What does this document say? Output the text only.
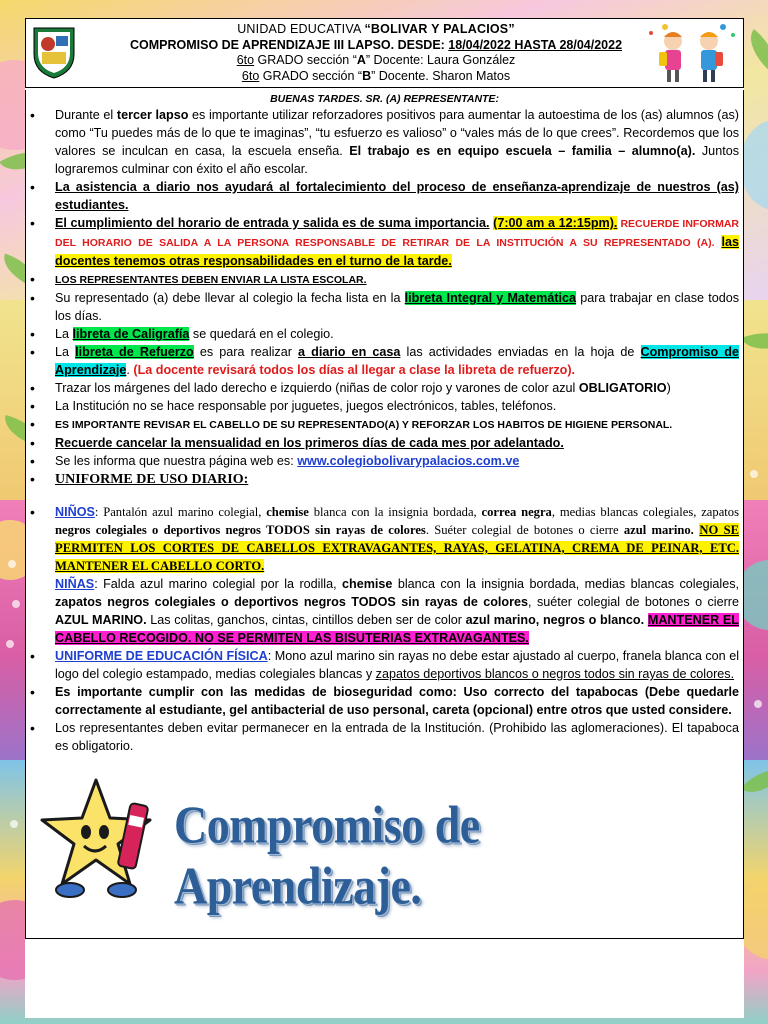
UNIDAD EDUCATIVA “BOLIVAR Y PALACIOS”
COMPROMISO DE APRENDIZAJE III LAPSO. DESDE: 18/04/2022 HASTA 28/04/2022
6to GRADO sección “A” Docente: Laura González
6to GRADO sección “B” Docente. Sharon Matos
BUENAS TARDES. SR. (A) REPRESENTANTE:
• Durante el tercer lapso es importante utilizar reforzadores positivos para aumentar la autoestima de los (as) alumnos (as) como “Tu puedes más de lo que te imaginas”, “tu esfuerzo es valioso” o “vales más de lo que crees”. Recordemos que los valores se inculcan en casa, la escuela enseña. El trabajo es en equipo escuela – familia – alumno(a). Juntos lograremos culminar con éxito el año escolar.
• La asistencia a diario nos ayudará al fortalecimiento del proceso de enseñanza-aprendizaje de nuestros (as) estudiantes.
• El cumplimiento del horario de entrada y salida es de suma importancia. (7:00 am a 12:15pm). RECUERDE INFORMAR DEL HORARIO DE SALIDA A LA PERSONA RESPONSABLE DE RETIRAR DE LA INSTITUCIÓN A SU REPRESENTADO (A). las docentes tenemos otras responsabilidades en el turno de la tarde.
• LOS REPRESENTANTES DEBEN ENVIAR LA LISTA ESCOLAR.
• Su representado (a) debe llevar al colegio la fecha lista en la libreta Integral y Matemática para trabajar en clase todos los días.
• La libreta de Caligrafía se quedará en el colegio.
• La libreta de Refuerzo es para realizar a diario en casa las actividades enviadas en la hoja de Compromiso de Aprendizaje. (La docente revisará todos los días al llegar a clase la libreta de refuerzo).
• Trazar los márgenes del lado derecho e izquierdo (niñas de color rojo y varones de color azul OBLIGATORIO)
• La Institución no se hace responsable por juguetes, juegos electrónicos, tables, teléfonos.
• ES IMPORTANTE REVISAR EL CABELLO DE SU REPRESENTADO(A) Y REFORZAR LOS HABITOS DE HIGIENE PERSONAL.
• Recuerde cancelar la mensualidad en los primeros días de cada mes por adelantado.
• Se les informa que nuestra página web es: www.colegiobolivarypalacios.com.ve
• UNIFORME DE USO DIARIO:
• NIÑOS: Pantalón azul marino colegial, chemise blanca con la insignia bordada, correa negra, medias blancas colegiales, zapatos negros colegiales o deportivos negros TODOS sin rayas de colores. Suéter colegial de botones o cierre azul marino. NO SE PERMITEN LOS CORTES DE CABELLOS EXTRAVAGANTES, RAYAS, GELATINA, CREMA DE PEINAR, ETC. MANTENER EL CABELLO CORTO.
NIÑAS: Falda azul marino colegial por la rodilla, chemise blanca con la insignia bordada, medias blancas colegiales, zapatos negros colegiales o deportivos negros TODOS sin rayas de colores, suéter colegial de botones o cierre AZUL MARINO. Las colitas, ganchos, cintas, cintillos deben ser de color azul marino, negros o blanco. MANTENER EL CABELLO RECOGIDO. NO SE PERMITEN LAS BISUTERIAS EXTRAVAGANTES.
• UNIFORME DE EDUCACIÓN FÍSICA: Mono azul marino sin rayas no debe estar ajustado al cuerpo, franela blanca con el logo del colegio estampado, medias colegiales blancas y zapatos deportivos blancos o negros todos sin rayas de colores.
• Es importante cumplir con las medidas de bioseguridad como: Uso correcto del tapabocas (Debe quedarle correctamente al estudiante, gel antibacterial de uso personal, careta (opcional) entre otros que usted considere.
• Los representantes deben evitar permanecer en la entrada de la Institución. (Prohibido las aglomeraciones). El tapaboca es obligatorio.
Compromiso de Aprendizaje.
